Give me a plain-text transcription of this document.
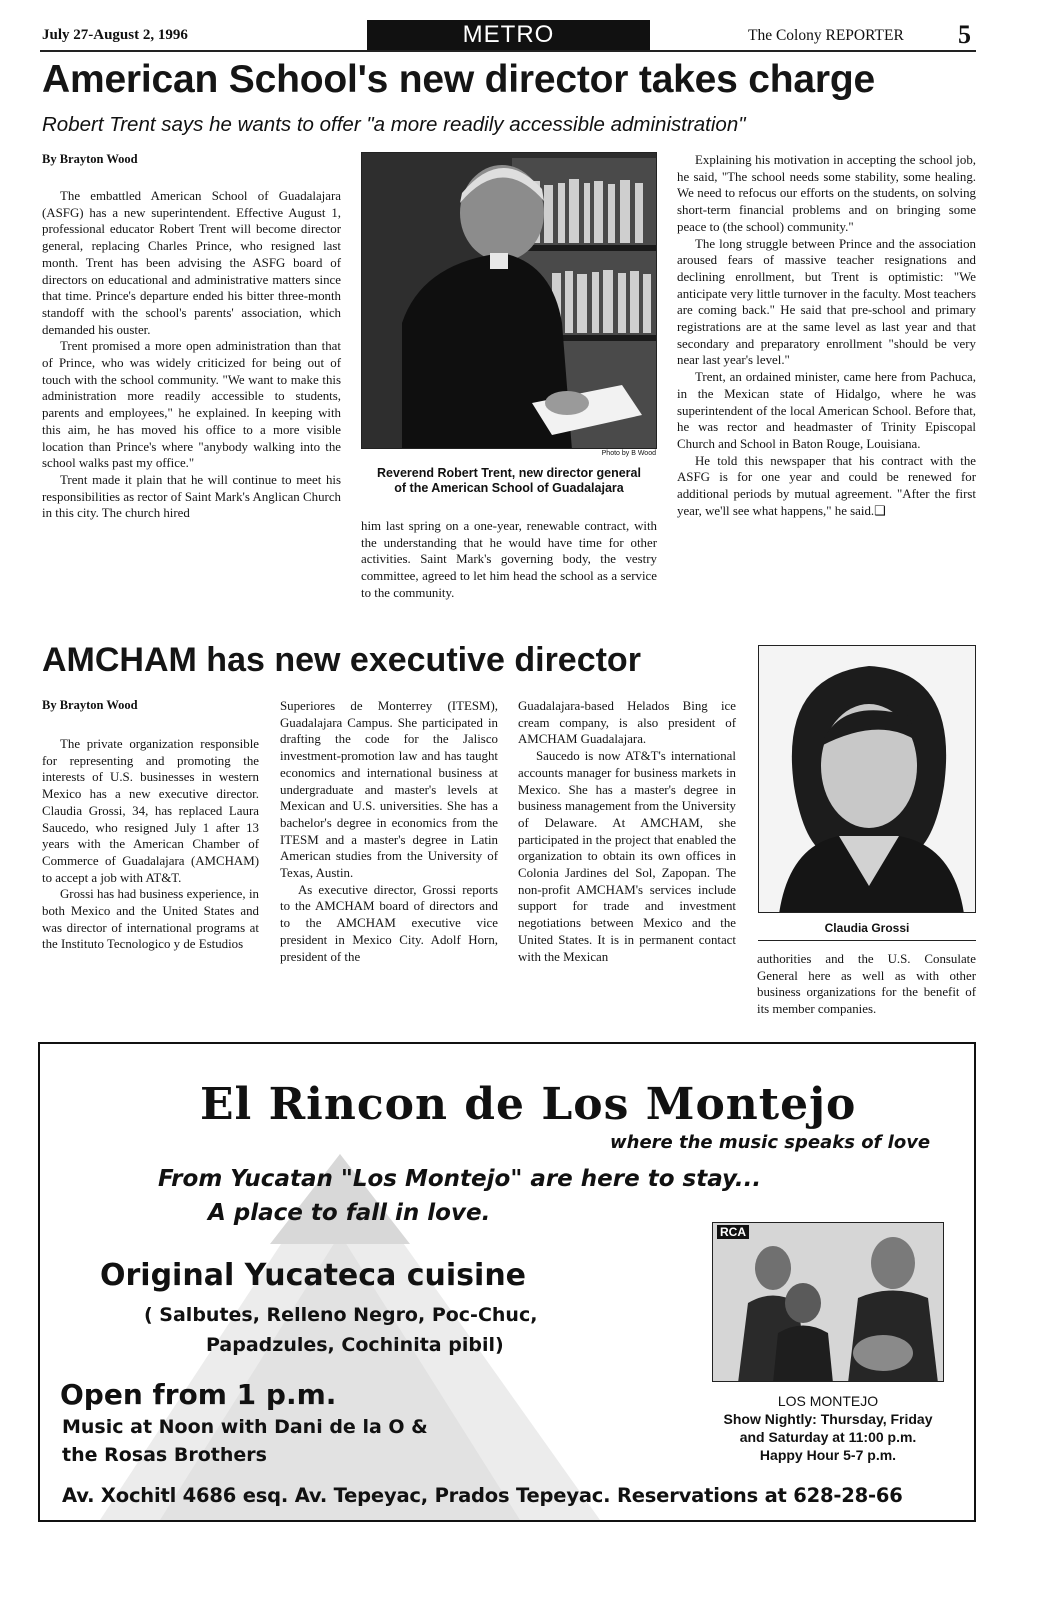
July 27-August 2, 1996	METRO	The Colony REPORTER 5
American School's new director takes charge
Robert Trent says he wants to offer "a more readily accessible administration"
By Brayton Wood

The embattled American School of Guadalajara (ASFG) has a new superintendent. Effective August 1, professional educator Robert Trent will become director general, replacing Charles Prince, who resigned last month. Trent has been advising the ASFG board of directors on educational and administrative matters since that time. Prince's departure ended his bitter three-month standoff with the school's parents' association, which demanded his ouster.

Trent promised a more open administration than that of Prince, who was widely criticized for being out of touch with the school community. "We want to make this administration more readily accessible to students, parents and employees," he explained. In keeping with this aim, he has moved his office to a more visible location than Prince's where "anybody walking into the school walks past my office."

Trent made it plain that he will continue to meet his responsibilities as rector of Saint Mark's Anglican Church in this city. The church hired

Photo by B Wood
Reverend Robert Trent, new director general
of the American School of Guadalajara

him last spring on a one-year, renewable contract, with the understanding that he would have time for other activities. Saint Mark's governing body, the vestry committee, agreed to let him head the school as a service to the community.

Explaining his motivation in accepting the school job, he said, "The school needs some stability, some healing. We need to refocus our efforts on the students, on solving short-term financial problems and on bringing some peace to (the school) community."

The long struggle between Prince and the association aroused fears of massive teacher resignations and declining enrollment, but Trent is optimistic: "We anticipate very little turnover in the faculty. Most teachers are coming back." He said that pre-school and primary registrations are at the same level as last year and that secondary and preparatory enrollment "should be very near last year's level."

Trent, an ordained minister, came here from Pachuca, in the Mexican state of Hidalgo, where he was superintendent of the local American School. Before that, he was rector and headmaster of Trinity Episcopal Church and School in Baton Rouge, Louisiana.

He told this newspaper that his contract with the ASFG is for one year and could be renewed for additional periods by mutual agreement. "After the first year, we'll see what happens," he said.❑

AMCHAM has new executive director
By Brayton Wood

The private organization responsible for representing and promoting the interests of U.S. businesses in western Mexico has a new executive director. Claudia Grossi, 34, has replaced Laura Saucedo, who resigned July 1 after 13 years with the American Chamber of Commerce of Guadalajara (AMCHAM) to accept a job with AT&T.

Grossi has had business experience, in both Mexico and the United States and was director of international programs at the Instituto Tecnologico y de Estudios

Superiores de Monterrey (ITESM), Guadalajara Campus. She participated in drafting the code for the Jalisco investment-promotion law and has taught economics and international business at undergraduate and master's levels at Mexican and U.S. universities. She has a bachelor's degree in economics from the ITESM and a master's degree in Latin American studies from the University of Texas, Austin.

As executive director, Grossi reports to the AMCHAM board of directors and to the AMCHAM executive vice president in Mexico City. Adolf Horn, president of the

Guadalajara-based Helados Bing ice cream company, is also president of AMCHAM Guadalajara.

Saucedo is now AT&T's international accounts manager for business markets in Mexico. She has a master's degree in business management from the University of Delaware. At AMCHAM, she participated in the project that enabled the organization to obtain its own offices in Colonia Jardines del Sol, Zapopan. The non-profit AMCHAM's services include support for trade and investment negotiations between Mexico and the United States. It is in permanent contact with the Mexican

Claudia Grossi

authorities and the U.S. Consulate General here as well as with other business organizations for the benefit of its member companies.

El Rincon de Los Montejo
where the music speaks of love
From Yucatan "Los Montejo" are here to stay...
A place to fall in love.
Original Yucateca cuisine
( Salbutes, Relleno Negro, Poc-Chuc,
Papadzules, Cochinita pibil)
Open from 1 p.m.
Music at Noon with Dani de la O &
the Rosas Brothers
Av. Xochitl 4686 esq. Av. Tepeyac, Prados Tepeyac. Reservations at 628-28-66
RCA
LOS MONTEJO
Show Nightly: Thursday, Friday
and Saturday at 11:00 p.m.
Happy Hour 5-7 p.m.
